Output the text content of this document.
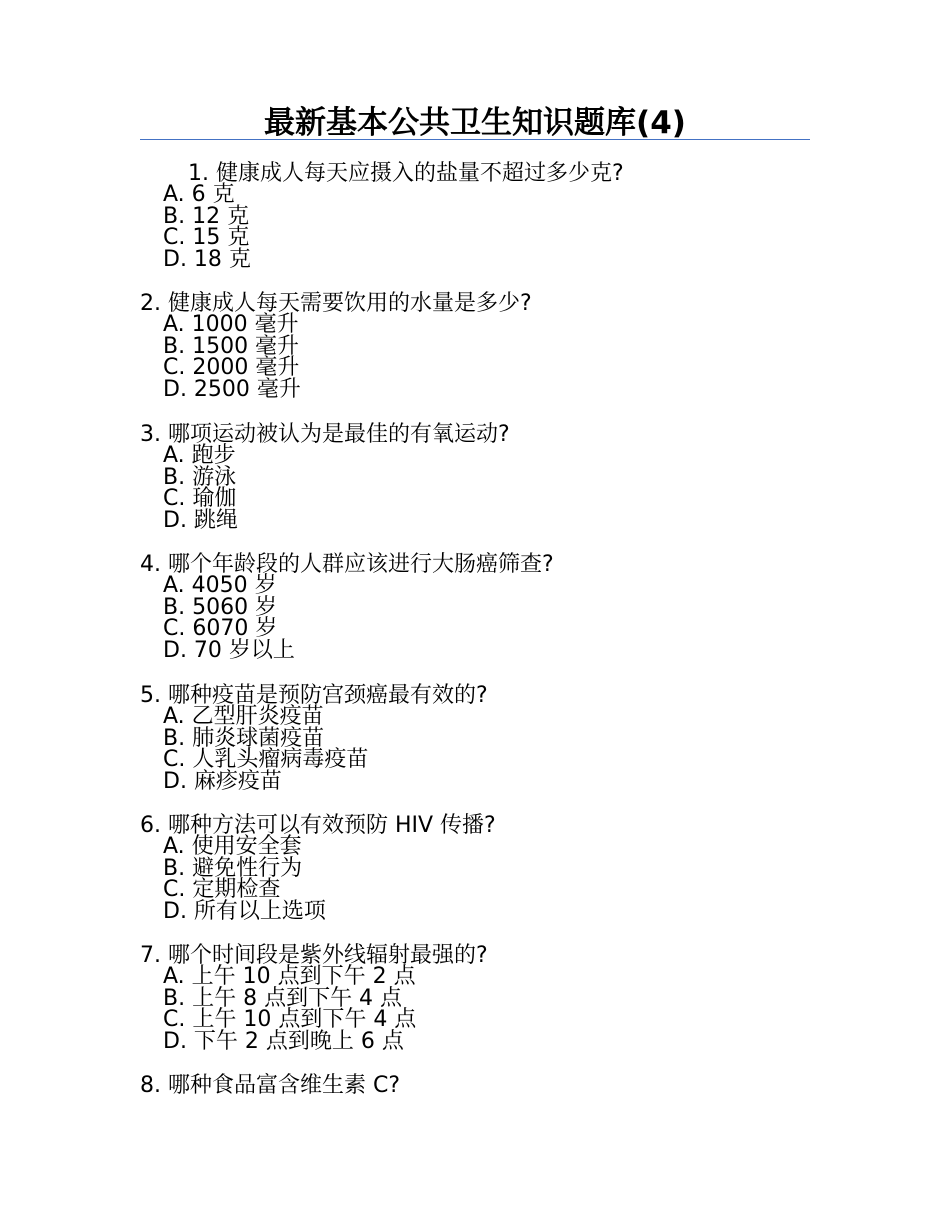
最新基本公共卫生知识题库(4)
1. 健康成人每天应摄入的盐量不超过多少克?
A. 6 克
B. 12 克
C. 15 克
D. 18 克
2. 健康成人每天需要饮用的水量是多少?
A. 1000 毫升
B. 1500 毫升
C. 2000 毫升
D. 2500 毫升
3. 哪项运动被认为是最佳的有氧运动?
A. 跑步
B. 游泳
C. 瑜伽
D. 跳绳
4. 哪个年龄段的人群应该进行大肠癌筛查?
A. 4050 岁
B. 5060 岁
C. 6070 岁
D. 70 岁以上
5. 哪种疫苗是预防宫颈癌最有效的?
A. 乙型肝炎疫苗
B. 肺炎球菌疫苗
C. 人乳头瘤病毒疫苗
D. 麻疹疫苗
6. 哪种方法可以有效预防 HIV 传播?
A. 使用安全套
B. 避免性行为
C. 定期检查
D. 所有以上选项
7. 哪个时间段是紫外线辐射最强的?
A. 上午 10 点到下午 2 点
B. 上午 8 点到下午 4 点
C. 上午 10 点到下午 4 点
D. 下午 2 点到晚上 6 点
8. 哪种食品富含维生素 C?
